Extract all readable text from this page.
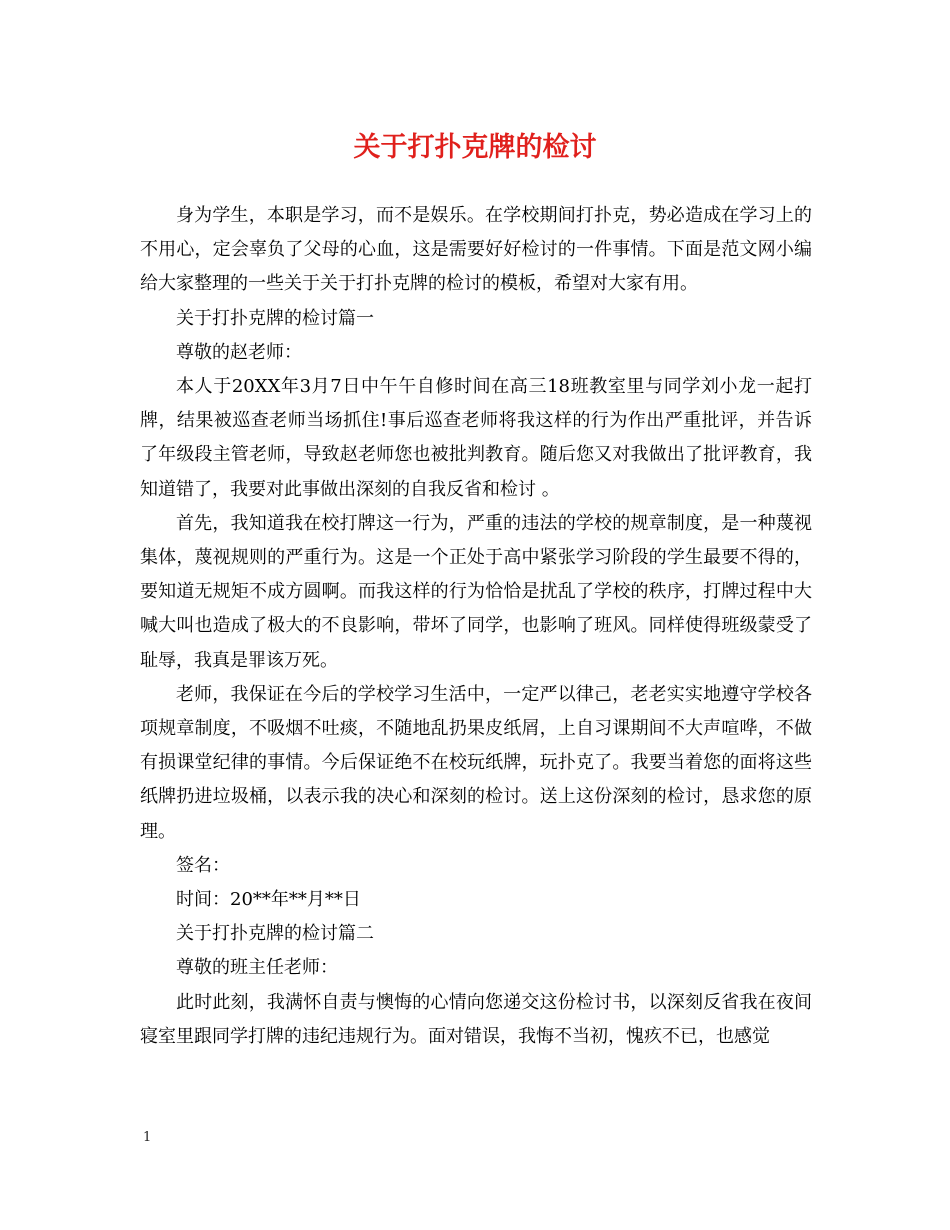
关于打扑克牌的检讨

身为学生，本职是学习，而不是娱乐。在学校期间打扑克，势必造成在学习上的不用心，定会辜负了父母的心血，这是需要好好检讨的一件事情。下面是范文网小编给大家整理的一些关于关于打扑克牌的检讨的模板，希望对大家有用。

关于打扑克牌的检讨篇一

尊敬的赵老师：

本人于20XX年3月7日中午午自修时间在高三18班教室里与同学刘小龙一起打牌，结果被巡查老师当场抓住!事后巡查老师将我这样的行为作出严重批评，并告诉了年级段主管老师，导致赵老师您也被批判教育。随后您又对我做出了批评教育，我知道错了，我要对此事做出深刻的自我反省和检讨 。

首先，我知道我在校打牌这一行为，严重的违法的学校的规章制度，是一种蔑视集体，蔑视规则的严重行为。这是一个正处于高中紧张学习阶段的学生最要不得的，要知道无规矩不成方圆啊。而我这样的行为恰恰是扰乱了学校的秩序，打牌过程中大喊大叫也造成了极大的不良影响，带坏了同学，也影响了班风。同样使得班级蒙受了耻辱，我真是罪该万死。

老师，我保证在今后的学校学习生活中，一定严以律己，老老实实地遵守学校各项规章制度，不吸烟不吐痰，不随地乱扔果皮纸屑，上自习课期间不大声喧哗，不做有损课堂纪律的事情。今后保证绝不在校玩纸牌，玩扑克了。我要当着您的面将这些纸牌扔进垃圾桶，以表示我的决心和深刻的检讨。送上这份深刻的检讨，恳求您的原理。

签名：

时间：20**年**月**日

关于打扑克牌的检讨篇二

尊敬的班主任老师：

此时此刻，我满怀自责与懊悔的心情向您递交这份检讨书，以深刻反省我在夜间寝室里跟同学打牌的违纪违规行为。面对错误，我悔不当初，愧疚不已，也感觉

1
